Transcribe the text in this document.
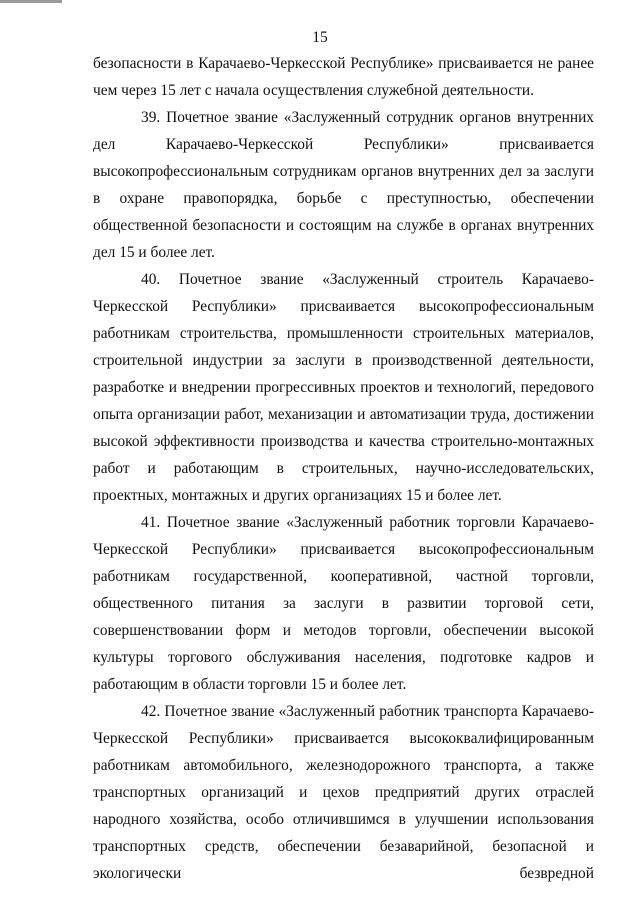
15

безопасности в Карачаево-Черкесской Республике» присваивается не ранее чем через 15 лет с начала осуществления служебной деятельности.

39. Почетное звание «Заслуженный сотрудник органов внутренних дел Карачаево-Черкесской Республики» присваивается высокопрофессиональным сотрудникам органов внутренних дел за заслуги в охране правопорядка, борьбе с преступностью, обеспечении общественной безопасности и состоящим на службе в органах внутренних дел 15 и более лет.

40. Почетное звание «Заслуженный строитель Карачаево-Черкесской Республики» присваивается высокопрофессиональным работникам строительства, промышленности строительных материалов, строительной индустрии за заслуги в производственной деятельности, разработке и внедрении прогрессивных проектов и технологий, передового опыта организации работ, механизации и автоматизации труда, достижении высокой эффективности производства и качества строительно-монтажных работ и работающим в строительных, научно-исследовательских, проектных, монтажных и других организациях 15 и более лет.

41. Почетное звание «Заслуженный работник торговли Карачаево-Черкесской Республики» присваивается высокопрофессиональным работникам государственной, кооперативной, частной торговли, общественного питания за заслуги в развитии торговой сети, совершенствовании форм и методов торговли, обеспечении высокой культуры торгового обслуживания населения, подготовке кадров и работающим в области торговли 15 и более лет.

42. Почетное звание «Заслуженный работник транспорта Карачаево-Черкесской Республики» присваивается высококвалифицированным работникам автомобильного, железнодорожного транспорта, а также транспортных организаций и цехов предприятий других отраслей народного хозяйства, особо отличившимся в улучшении использования транспортных средств, обеспечении безаварийной, безопасной и экологически безвредной
